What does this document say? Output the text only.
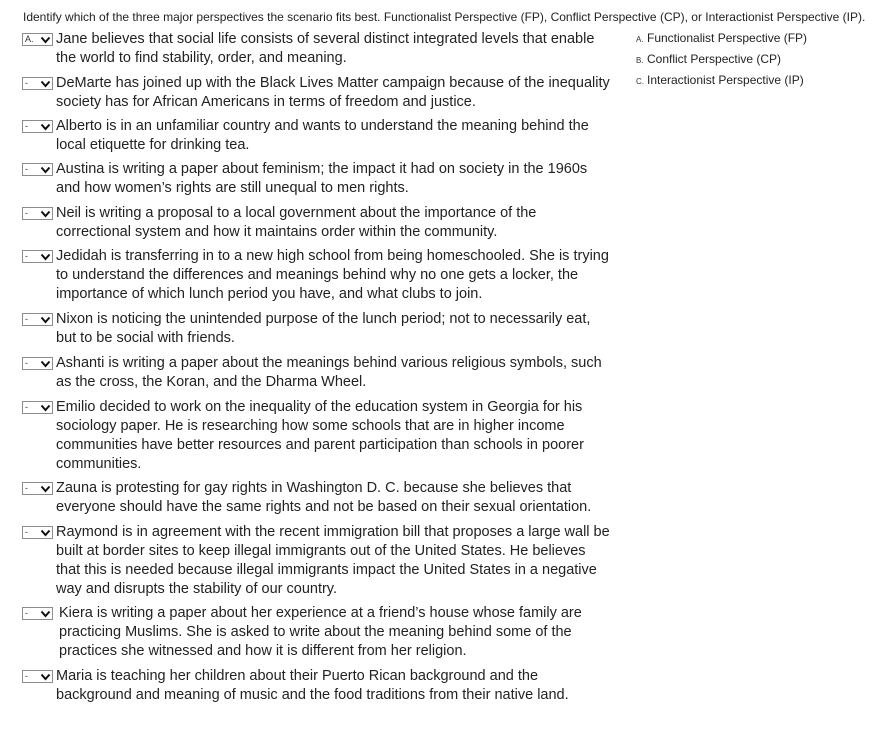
Identify which of the three major perspectives the scenario fits best. Functionalist Perspective (FP), Conflict Perspective (CP), or Interactionist Perspective (IP).
A. Jane believes that social life consists of several distinct integrated levels that enable
the world to find stability, order, and meaning.
- DeMarte has joined up with the Black Lives Matter campaign because of the inequality
society has for African Americans in terms of freedom and justice.
- Alberto is in an unfamiliar country and wants to understand the meaning behind the
local etiquette for drinking tea.
- Austina is writing a paper about feminism; the impact it had on society in the 1960s
and how women’s rights are still unequal to men rights.
- Neil is writing a proposal to a local government about the importance of the
correctional system and how it maintains order within the community.
- Jedidah is transferring in to a new high school from being homeschooled. She is trying
to understand the differences and meanings behind why no one gets a locker, the
importance of which lunch period you have, and what clubs to join.
- Nixon is noticing the unintended purpose of the lunch period; not to necessarily eat,
but to be social with friends.
- Ashanti is writing a paper about the meanings behind various religious symbols, such
as the cross, the Koran, and the Dharma Wheel.
- Emilio decided to work on the inequality of the education system in Georgia for his
sociology paper. He is researching how some schools that are in higher income
communities have better resources and parent participation than schools in poorer
communities.
- Zauna is protesting for gay rights in Washington D. C. because she believes that
everyone should have the same rights and not be based on their sexual orientation.
- Raymond is in agreement with the recent immigration bill that proposes a large wall be
built at border sites to keep illegal immigrants out of the United States. He believes
that this is needed because illegal immigrants impact the United States in a negative
way and disrupts the stability of our country.
- Kiera is writing a paper about her experience at a friend’s house whose family are
practicing Muslims. She is asked to write about the meaning behind some of the
practices she witnessed and how it is different from her religion.
- Maria is teaching her children about their Puerto Rican background and the
background and meaning of music and the food traditions from their native land.
A. Functionalist Perspective (FP)
B. Conflict Perspective (CP)
C. Interactionist Perspective (IP)
